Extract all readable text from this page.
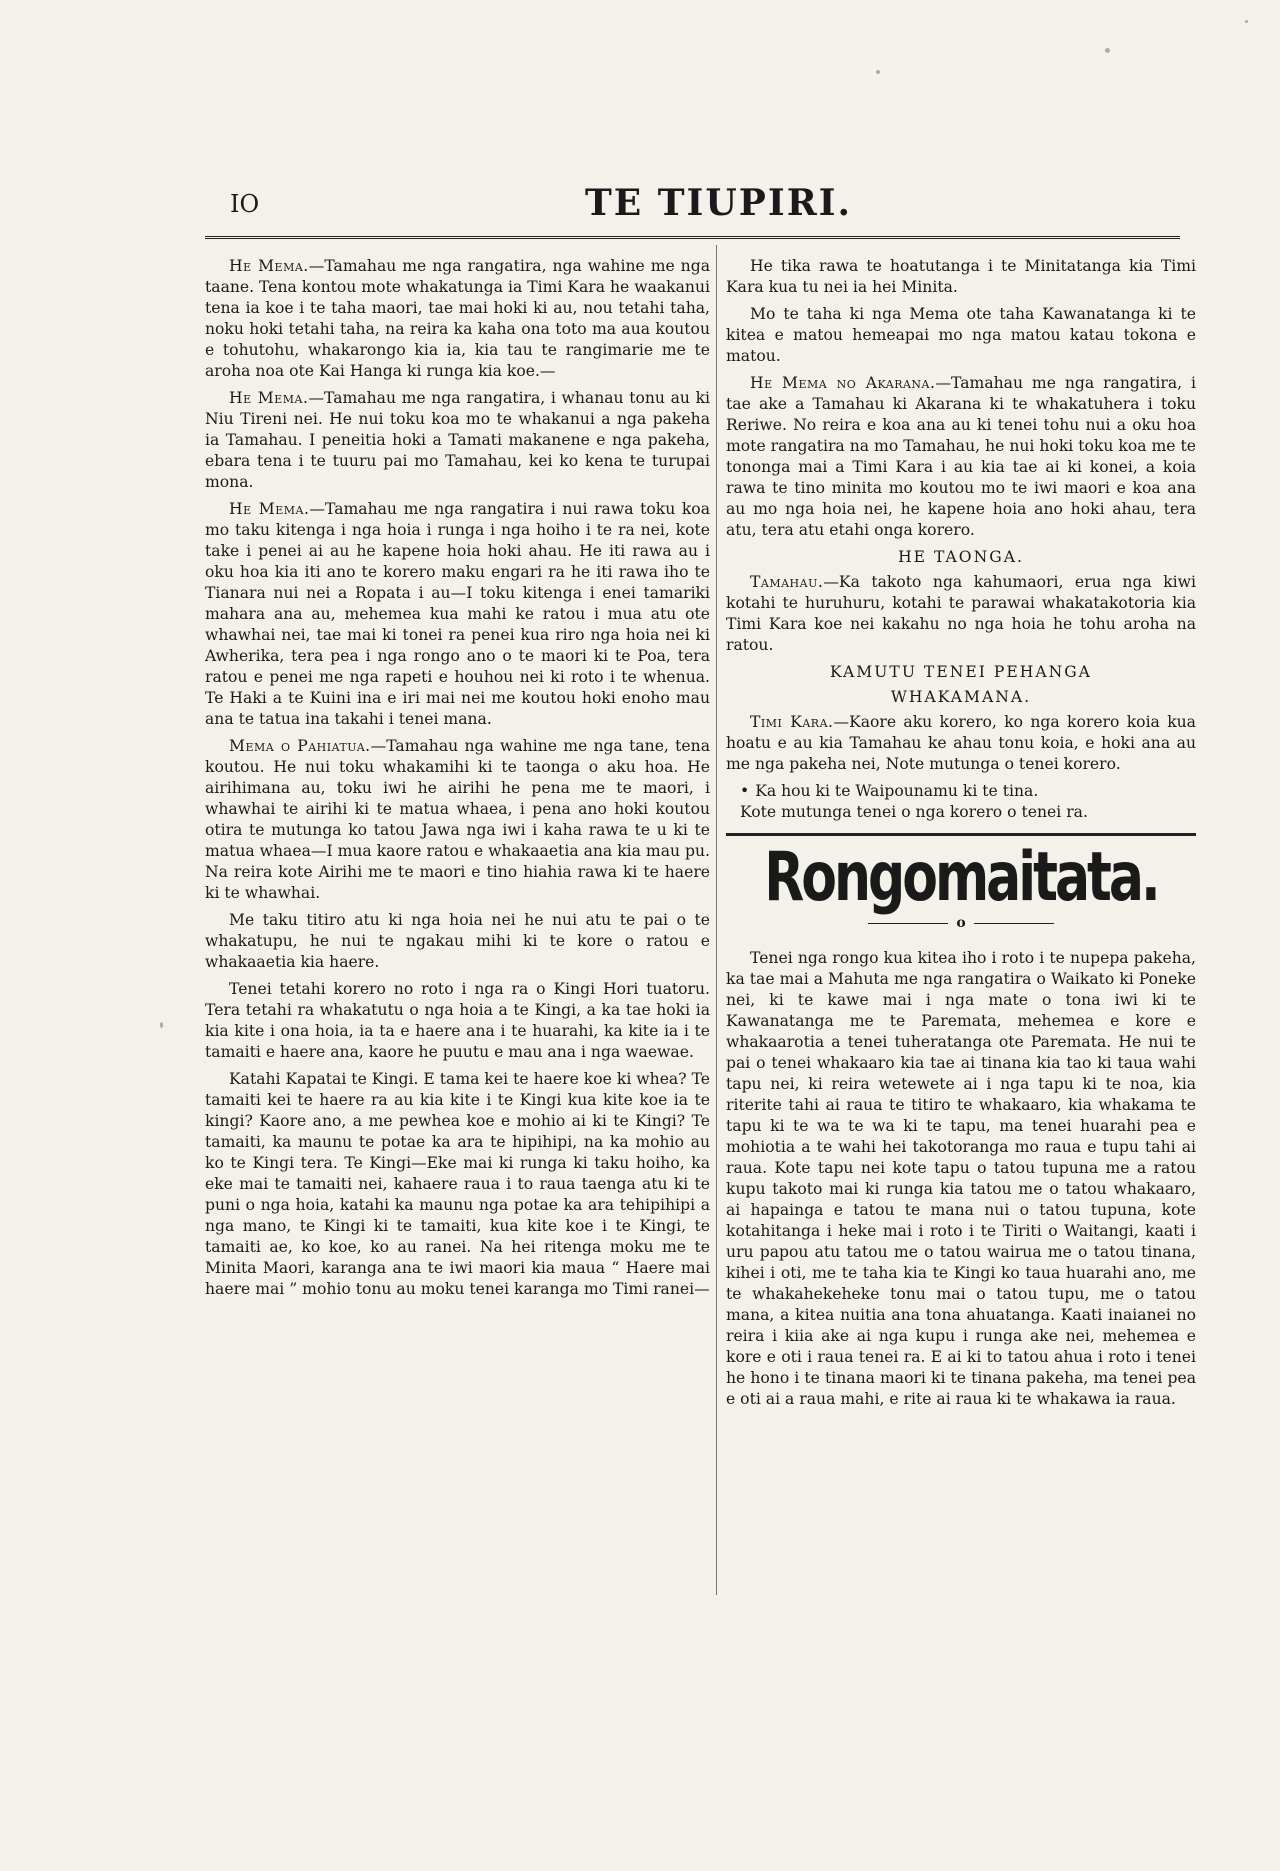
IO	TE TIUPIRI.

He Mema.—Tamahau me nga rangatira, nga wahine me nga taane. Tena kontou mote whakatunga ia Timi Kara he waakanui tena ia koe i te taha maori, tae mai hoki ki au, nou tetahi taha, noku hoki tetahi taha, na reira ka kaha ona toto ma aua koutou e tohutohu, whakarongo kia ia, kia tau te rangimarie me te aroha noa ote Kai Hanga ki runga kia koe.—

He Mema.—Tamahau me nga rangatira, i whanau tonu au ki Niu Tireni nei. He nui toku koa mo te whakanui a nga pakeha ia Tamahau. I peneitia hoki a Tamati makanene e nga pakeha, ebara tena i te tuuru pai mo Tamahau, kei ko kena te turupai mona.

He Mema.—Tamahau me nga rangatira i nui rawa toku koa mo taku kitenga i nga hoia i runga i nga hoiho i te ra nei, kote take i penei ai au he kapene hoia hoki ahau. He iti rawa au i oku hoa kia iti ano te korero maku engari ra he iti rawa iho te Tianara nui nei a Ropata i au—I toku kitenga i enei tamariki mahara ana au, mehemea kua mahi ke ratou i mua atu ote whawhai nei, tae mai ki tonei ra penei kua riro nga hoia nei ki Awherika, tera pea i nga rongo ano o te maori ki te Poa, tera ratou e penei me nga rapeti e houhou nei ki roto i te whenua. Te Haki a te Kuini ina e iri mai nei me koutou hoki enoho mau ana te tatua ina takahi i tenei mana.

Mema o Pahiatua.—Tamahau nga wahine me nga tane, tena koutou. He nui toku whakamihi ki te taonga o aku hoa. He airihimana au, toku iwi he airihi he pena me te maori, i whawhai te airihi ki te matua whaea, i pena ano hoki koutou otira te mutunga ko tatou Jawa nga iwi i kaha rawa te u ki te matua whaea—I mua kaore ratou e whakaaetia ana kia mau pu. Na reira kote Airihi me te maori e tino hiahia rawa ki te haere ki te whawhai.

Me taku titiro atu ki nga hoia nei he nui atu te pai o te whakatupu, he nui te ngakau mihi ki te kore o ratou e whakaaetia kia haere.

Tenei tetahi korero no roto i nga ra o Kingi Hori tuatoru. Tera tetahi ra whakatutu o nga hoia a te Kingi, a ka tae hoki ia kia kite i ona hoia, ia ta e haere ana i te huarahi, ka kite ia i te tamaiti e haere ana, kaore he puutu e mau ana i nga waewae.

Katahi Kapatai te Kingi. E tama kei te haere koe ki whea? Te tamaiti kei te haere ra au kia kite i te Kingi kua kite koe ia te kingi? Kaore ano, a me pewhea koe e mohio ai ki te Kingi? Te tamaiti, ka maunu te potae ka ara te hipihipi, na ka mohio au ko te Kingi tera. Te Kingi—Eke mai ki runga ki taku hoiho, ka eke mai te tamaiti nei, kahaere raua i to raua taenga atu ki te puni o nga hoia, katahi ka maunu nga potae ka ara tehipihipi a nga mano, te Kingi ki te tamaiti, kua kite koe i te Kingi, te tamaiti ae, ko koe, ko au ranei. Na hei ritenga moku me te Minita Maori, karanga ana te iwi maori kia maua “ Haere mai haere mai ” mohio tonu au moku tenei karanga mo Timi ranei—

He tika rawa te hoatutanga i te Minitatanga kia Timi Kara kua tu nei ia hei Minita.

Mo te taha ki nga Mema ote taha Kawanatanga ki te kitea e matou hemeapai mo nga matou katau tokona e matou.

He Mema no Akarana.—Tamahau me nga rangatira, i tae ake a Tamahau ki Akarana ki te whakatuhera i toku Reriwe. No reira e koa ana au ki tenei tohu nui a oku hoa mote rangatira na mo Tamahau, he nui hoki toku koa me te tononga mai a Timi Kara i au kia tae ai ki konei, a koia rawa te tino minita mo koutou mo te iwi maori e koa ana au mo nga hoia nei, he kapene hoia ano hoki ahau, tera atu, tera atu etahi onga korero.

HE TAONGA.

Tamahau.—Ka takoto nga kahumaori, erua nga kiwi kotahi te huruhuru, kotahi te parawai whakatakotoria kia Timi Kara koe nei kakahu no nga hoia he tohu aroha na ratou.

KAMUTU TENEI PEHANGA

WHAKAMANA.

Timi Kara.—Kaore aku korero, ko nga korero koia kua hoatu e au kia Tamahau ke ahau tonu koia, e hoki ana au me nga pakeha nei, Note mutunga o tenei korero.

• Ka hou ki te Waipounamu ki te tina.

Kote mutunga tenei o nga korero o tenei ra.

Rongomaitata.
o

Tenei nga rongo kua kitea iho i roto i te nupepa pakeha, ka tae mai a Mahuta me nga rangatira o Waikato ki Poneke nei, ki te kawe mai i nga mate o tona iwi ki te Kawanatanga me te Paremata, mehemea e kore e whakaarotia a tenei tuheratanga ote Paremata. He nui te pai o tenei whakaaro kia tae ai tinana kia tao ki taua wahi tapu nei, ki reira wetewete ai i nga tapu ki te noa, kia riterite tahi ai raua te titiro te whakaaro, kia whakama te tapu ki te wa te wa ki te tapu, ma tenei huarahi pea e mohiotia a te wahi hei takotoranga mo raua e tupu tahi ai raua. Kote tapu nei kote tapu o tatou tupuna me a ratou kupu takoto mai ki runga kia tatou me o tatou whakaaro, ai hapainga e tatou te mana nui o tatou tupuna, kote kotahitanga i heke mai i roto i te Tiriti o Waitangi, kaati i uru papou atu tatou me o tatou wairua me o tatou tinana, kihei i oti, me te taha kia te Kingi ko taua huarahi ano, me te whakahekeheke tonu mai o tatou tupu, me o tatou mana, a kitea nuitia ana tona ahuatanga. Kaati inaianei no reira i kiia ake ai nga kupu i runga ake nei, mehemea e kore e oti i raua tenei ra. E ai ki to tatou ahua i roto i tenei he hono i te tinana maori ki te tinana pakeha, ma tenei pea e oti ai a raua mahi, e rite ai raua ki te whakawa ia raua.
